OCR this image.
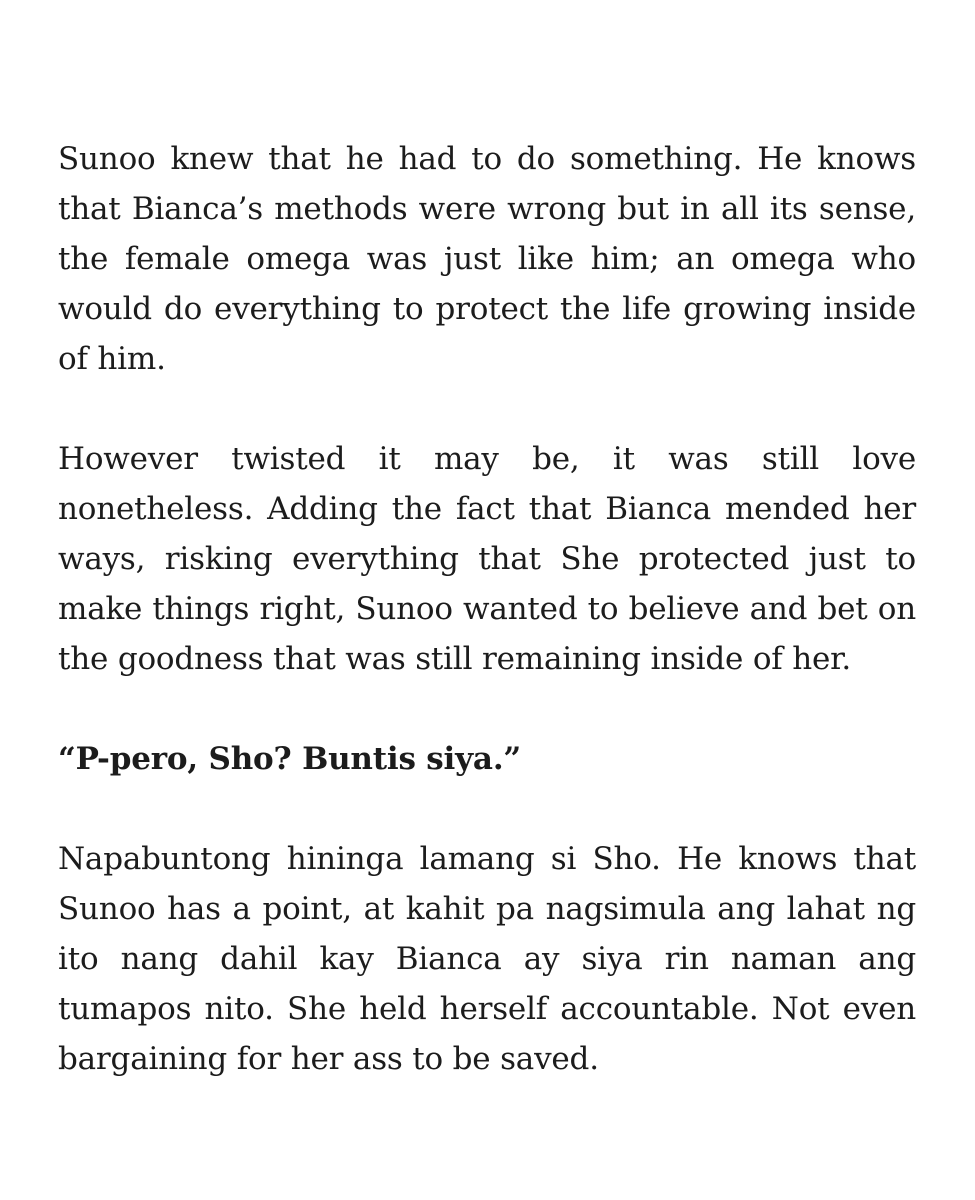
Sunoo knew that he had to do something. He knows that Bianca’s methods were wrong but in all its sense, the female omega was just like him; an omega who would do everything to protect the life growing inside of him.

However twisted it may be, it was still love nonetheless. Adding the fact that Bianca mended her ways, risking everything that She protected just to make things right, Sunoo wanted to believe and bet on the goodness that was still remaining inside of her.

“P-pero, Sho? Buntis siya.”

Napabuntong hininga lamang si Sho. He knows that Sunoo has a point, at kahit pa nagsimula ang lahat ng ito nang dahil kay Bianca ay siya rin naman ang tumapos nito. She held herself accountable. Not even bargaining for her ass to be saved.
